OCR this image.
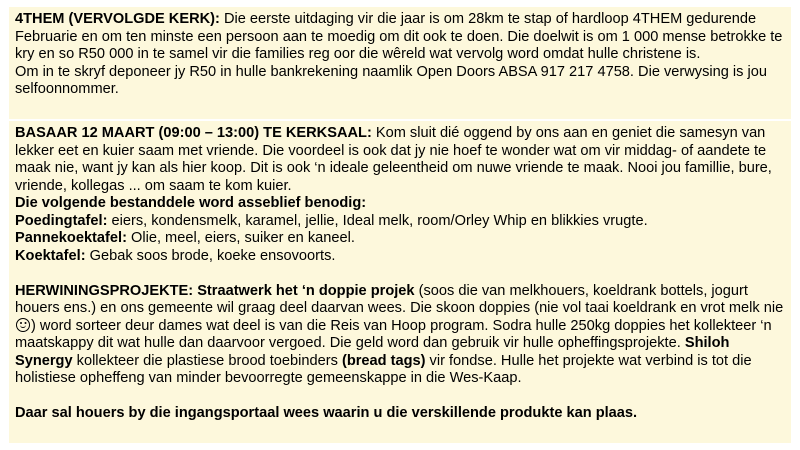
4THEM (VERVOLGDE KERK): Die eerste uitdaging vir die jaar is om 28km te stap of hardloop 4THEM gedurende Februarie en om ten minste een persoon aan te moedig om dit ook te doen. Die doelwit is om 1 000 mense betrokke te kry en so R50 000 in te samel vir die families reg oor die wêreld wat vervolg word omdat hulle christene is.

Om in te skryf deponeer jy R50 in hulle bankrekening naamlik Open Doors ABSA 917 217 4758. Die verwysing is jou selfoonnommer.

BASAAR 12 MAART (09:00 – 13:00) TE KERKSAAL: Kom sluit dié oggend by ons aan en geniet die samesyn van lekker eet en kuier saam met vriende. Die voordeel is ook dat jy nie hoef te wonder wat om vir middag- of aandete te maak nie, want jy kan als hier koop. Dit is ook ‘n ideale geleentheid om nuwe vriende te maak. Nooi jou famillie, bure, vriende, kollegas ... om saam te kom kuier.

Die volgende bestanddele word asseblief benodig:

Poedingtafel: eiers, kondensmelk, karamel, jellie, Ideal melk, room/Orley Whip en blikkies vrugte.

Pannekoektafel: Olie, meel, eiers, suiker en kaneel.

Koektafel: Gebak soos brode, koeke ensovoorts.

HERWININGSPROJEKTE: Straatwerk het ‘n doppie projek (soos die van melkhouers, koeldrank bottels, jogurt houers ens.) en ons gemeente wil graag deel daarvan wees. Die skoon doppies (nie vol taai koeldrank en vrot melk nie ) word sorteer deur dames wat deel is van die Reis van Hoop program. Sodra hulle 250kg doppies het kollekteer ‘n maatskappy dit wat hulle dan daarvoor vergoed. Die geld word dan gebruik vir hulle opheffingsprojekte. Shiloh Synergy kollekteer die plastiese brood toebinders (bread tags) vir fondse. Hulle het projekte wat verbind is tot die holistiese opheffeng van minder bevoorregte gemeenskappe in die Wes-Kaap.

Daar sal houers by die ingangsportaal wees waarin u die verskillende produkte kan plaas.
